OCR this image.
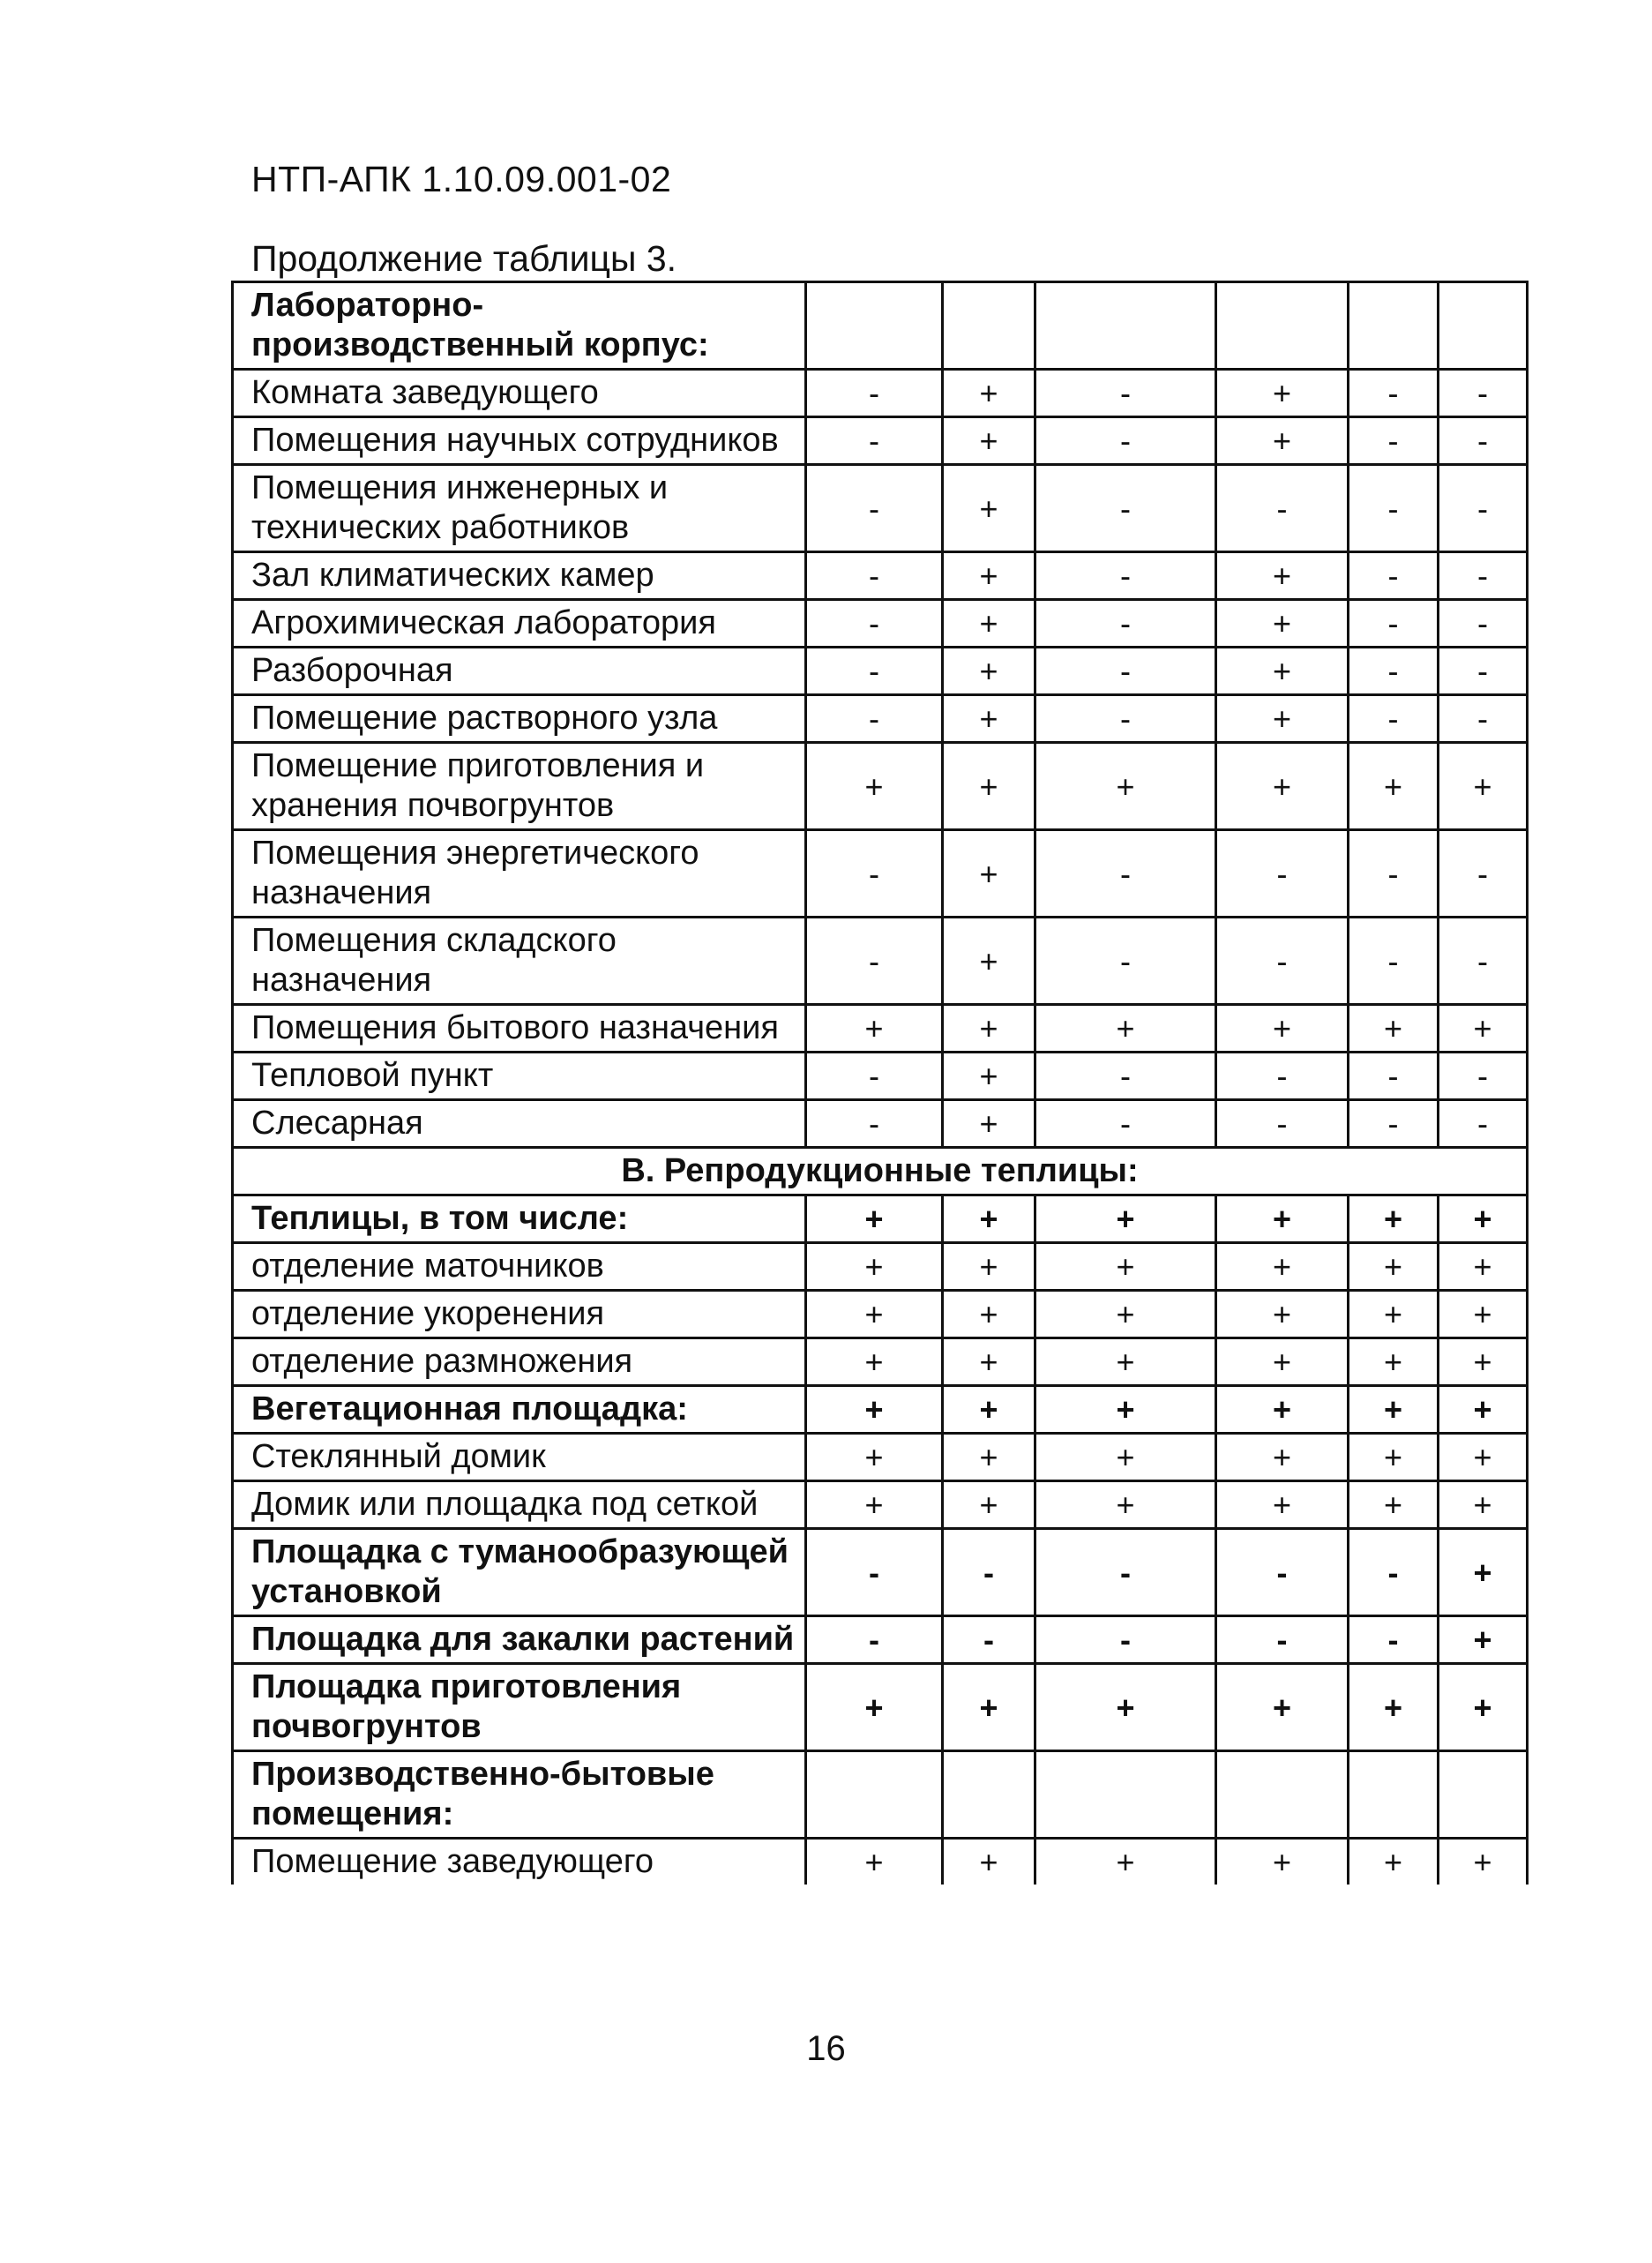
НТП-АПК 1.10.09.001-02
Продолжение таблицы 3.
Лабораторно-производственный корпус:						
Комната заведующего	-	+	-	+	-	-
Помещения научных сотрудников	-	+	-	+	-	-
Помещения инженерных и технических работников	-	+	-	-	-	-
Зал климатических камер	-	+	-	+	-	-
Агрохимическая лаборатория	-	+	-	+	-	-
Разборочная	-	+	-	+	-	-
Помещение растворного узла	-	+	-	+	-	-
Помещение приготовления и хранения почвогрунтов	+	+	+	+	+	+
Помещения энергетического назначения	-	+	-	-	-	-
Помещения складского назначения	-	+	-	-	-	-
Помещения бытового назначения	+	+	+	+	+	+
Тепловой пункт	-	+	-	-	-	-
Слесарная	-	+	-	-	-	-
В. Репродукционные теплицы:						
Теплицы, в том числе:	+	+	+	+	+	+
отделение маточников	+	+	+	+	+	+
отделение укоренения	+	+	+	+	+	+
отделение размножения	+	+	+	+	+	+
Вегетационная площадка:	+	+	+	+	+	+
Стеклянный домик	+	+	+	+	+	+
Домик или площадка под сеткой	+	+	+	+	+	+
Площадка с туманообразующей установкой	-	-	-	-	-	+
Площадка для закалки растений	-	-	-	-	-	+
Площадка приготовления почвогрунтов	+	+	+	+	+	+
Производственно-бытовые помещения:						
Помещение заведующего	+	+	+	+	+	+
16
